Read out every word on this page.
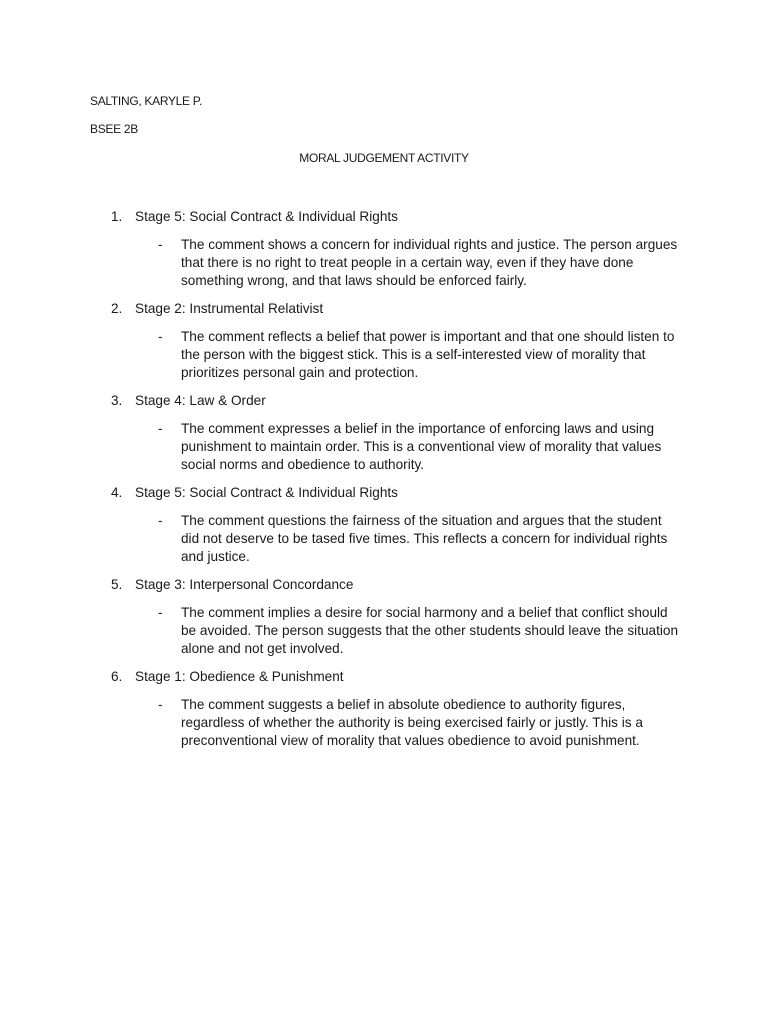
SALTING, KARYLE P.
BSEE 2B
MORAL JUDGEMENT ACTIVITY
1. Stage 5: Social Contract & Individual Rights
- The comment shows a concern for individual rights and justice. The person argues that there is no right to treat people in a certain way, even if they have done something wrong, and that laws should be enforced fairly.
2. Stage 2: Instrumental Relativist
- The comment reflects a belief that power is important and that one should listen to the person with the biggest stick. This is a self-interested view of morality that prioritizes personal gain and protection.
3. Stage 4: Law & Order
- The comment expresses a belief in the importance of enforcing laws and using punishment to maintain order. This is a conventional view of morality that values social norms and obedience to authority.
4. Stage 5: Social Contract & Individual Rights
- The comment questions the fairness of the situation and argues that the student did not deserve to be tased five times. This reflects a concern for individual rights and justice.
5. Stage 3: Interpersonal Concordance
- The comment implies a desire for social harmony and a belief that conflict should be avoided. The person suggests that the other students should leave the situation alone and not get involved.
6. Stage 1: Obedience & Punishment
- The comment suggests a belief in absolute obedience to authority figures, regardless of whether the authority is being exercised fairly or justly. This is a preconventional view of morality that values obedience to avoid punishment.
